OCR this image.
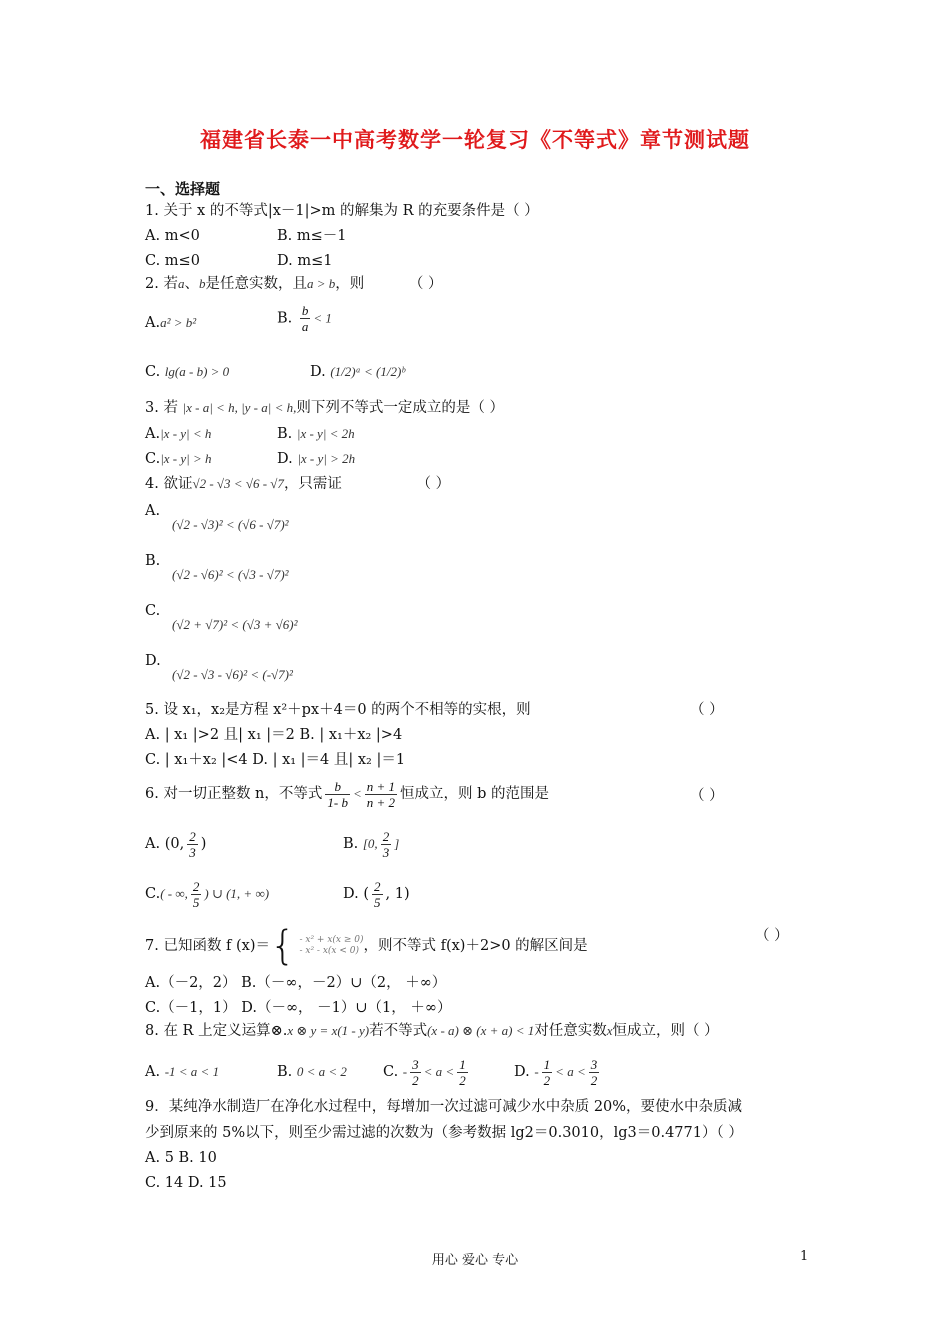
福建省长泰一中高考数学一轮复习《不等式》章节测试题
一、选择题
1. 关于 x 的不等式|x－1|>m 的解集为 R 的充要条件是（ ）
A. m<0	B. m≤－1
C. m≤0	D. m≤1
2. 若a、b是任意实数，且a > b，则	（ ）
A.a² > b²	B. $\frac{b}{a} < 1$
C. lg(a - b) > 0	D. (1/2)ᵃ < (1/2)ᵇ
3. 若 |x - a| < h, |y - a| < h,则下列不等式一定成立的是（ ）
A.|x - y| < h	B. |x - y| < 2h
C.|x - y| > h	D. |x - y| > 2h
4. 欲证√2 - √3 < √6 - √7，只需证	（ ）
A.
(√2 - √3)² < (√6 - √7)²
B.
(√2 - √6)² < (√3 - √7)²
C.
(√2 + √7)² < (√3 + √6)²
D.
(√2 - √3 - √6)² < (-√7)²
5. 设 x₁，x₂是方程 x²＋px＋4＝0 的两个不相等的实根，则	（ ）
A. | x₁ |>2 且| x₁ |＝2 B. | x₁＋x₂ |>4
C. | x₁＋x₂ |<4 D. | x₁ |＝4 且| x₂ |＝1
6. 对一切正整数 n，不等式 $\frac{b}{1- b} < \frac{n + 1}{n + 2}$ 恒成立，则 b 的范围是	（ ）
A. (0, $\frac{2}{3}$ )	B. [0, $\frac{2}{3}$ ]
C.( - ∞, $\frac{2}{5}$ ) ∪ (1, + ∞)	D. ( $\frac{2}{5}$ , 1)
7. 已知函数 f (x)＝{ - x² + x(x ≥ 0)
- x² - x(x < 0) ，则不等式 f(x)＋2>0 的解区间是
（ ）
A.（－2，2） B.（－∞，－2）∪（2， ＋∞）
C.（－1，1） D.（－∞， －1）∪（1， ＋∞）
8. 在 R 上定义运算⊗.x ⊗ y = x(1 - y)若不等式(x - a) ⊗ (x + a) < 1对任意实数x恒成立，则（ ）
A. -1 < a < 1	B. 0 < a < 2 C. - $\frac{3}{2} < a < \frac{1}{2}$	D. - $\frac{1}{2} < a < \frac{3}{2}$
9．某纯净水制造厂在净化水过程中，每增加一次过滤可减少水中杂质 20%，要使水中杂质减
少到原来的 5%以下，则至少需过滤的次数为（参考数据 lg2＝0.3010，lg3＝0.4771）（ ）
A. 5 B. 10
C. 14 D. 15
用心 爱心 专心	1
